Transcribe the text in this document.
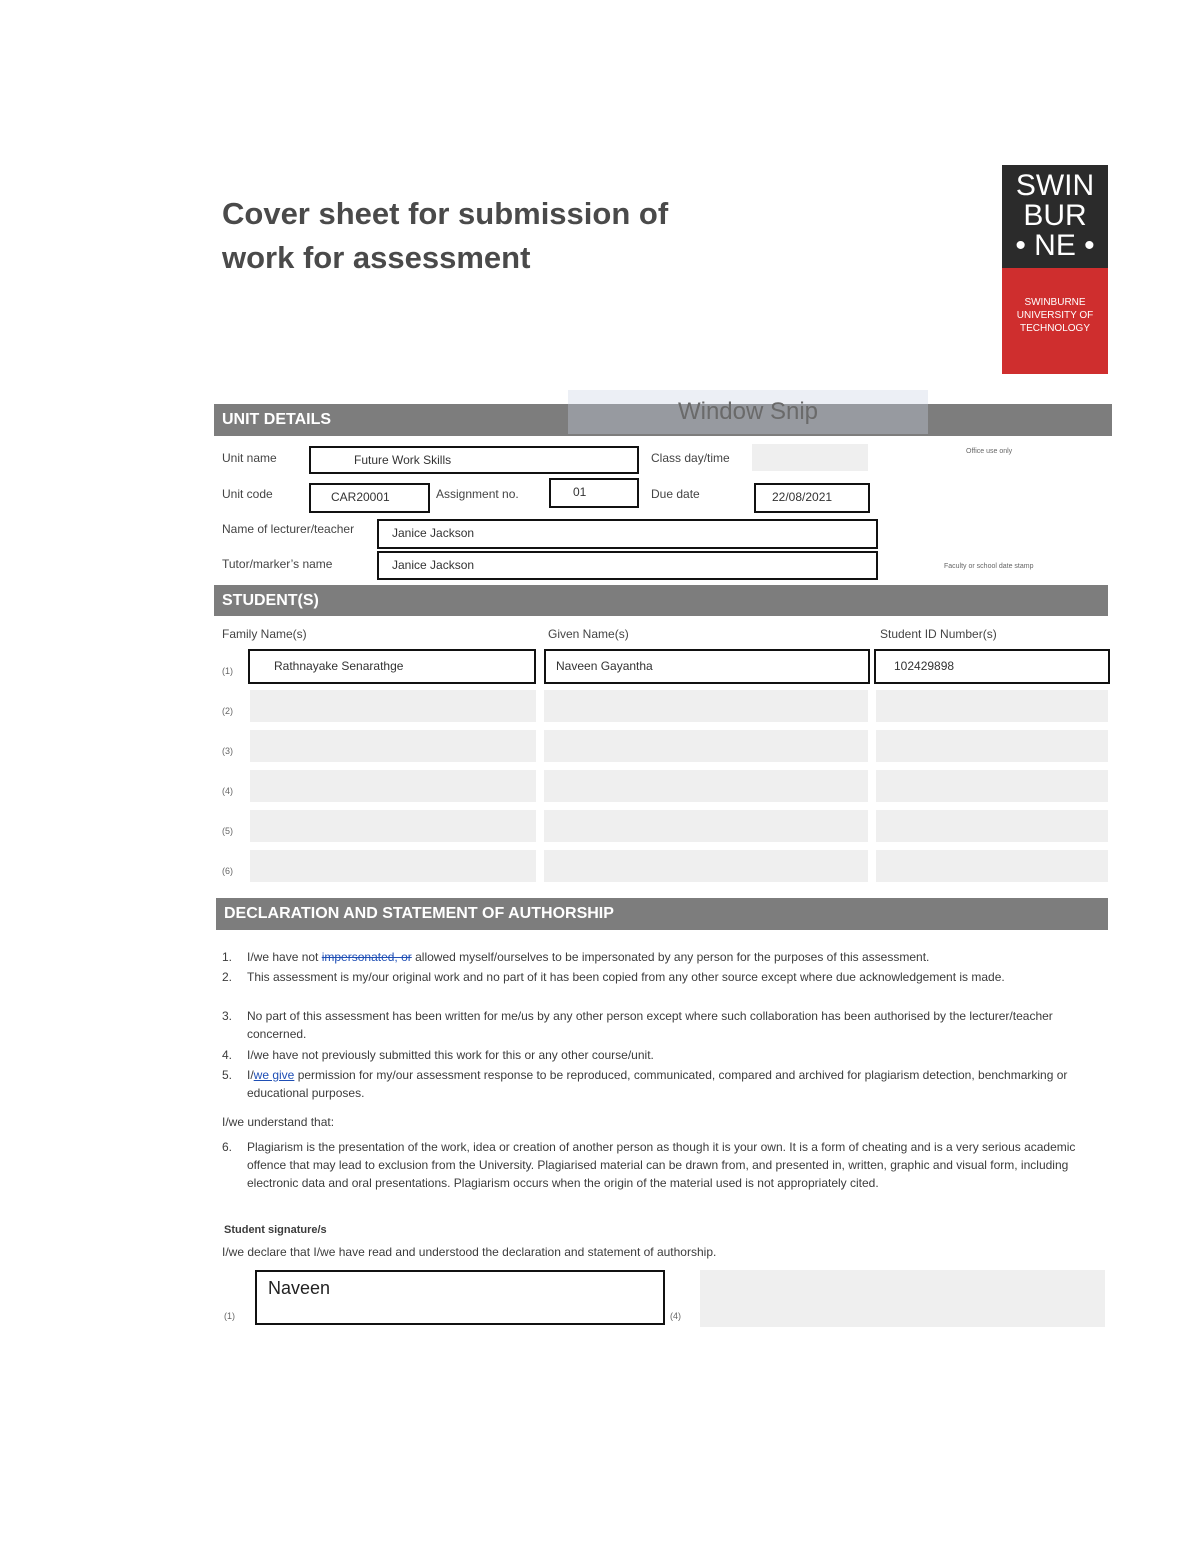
Cover sheet for submission of
work for assessment
SWIN
BUR
• NE •
SWINBURNE
UNIVERSITY OF
TECHNOLOGY
UNIT DETAILS	Window Snip
Unit name	Future Work Skills	Class day/time	Office use only
Unit code	CAR20001	Assignment no.	01	Due date	22/08/2021
Name of lecturer/teacher	Janice Jackson
Tutor/marker’s name	Janice Jackson	Faculty or school date stamp
STUDENT(S)
Family Name(s)	Given Name(s)	Student ID Number(s)
(1)	Rathnayake Senarathge	Naveen Gayantha	102429898
(2)
(3)
(4)
(5)
(6)
DECLARATION AND STATEMENT OF AUTHORSHIP
1. I/we have not impersonated, or allowed myself/ourselves to be impersonated by any person for the purposes of this assessment.
2. This assessment is my/our original work and no part of it has been copied from any other source except where due acknowledgement is made.
3. No part of this assessment has been written for me/us by any other person except where such collaboration has been authorised by the lecturer/teacher concerned.
4. I/we have not previously submitted this work for this or any other course/unit.
5. I/we give permission for my/our assessment response to be reproduced, communicated, compared and archived for plagiarism detection, benchmarking or educational purposes.
I/we understand that:
6. Plagiarism is the presentation of the work, idea or creation of another person as though it is your own. It is a form of cheating and is a very serious academic offence that may lead to exclusion from the University. Plagiarised material can be drawn from, and presented in, written, graphic and visual form, including electronic data and oral presentations. Plagiarism occurs when the origin of the material used is not appropriately cited.
Student signature/s
I/we declare that I/we have read and understood the declaration and statement of authorship.
(1)
Naveen
(4)
